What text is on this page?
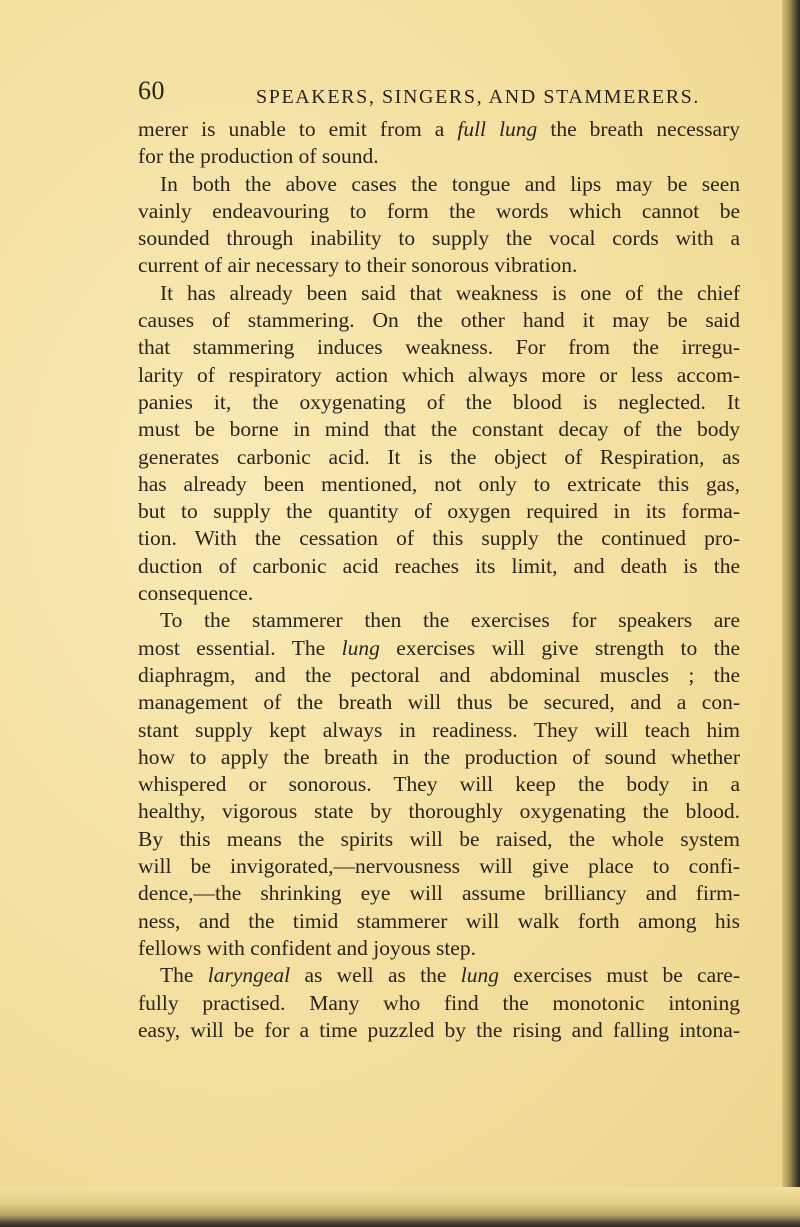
60	SPEAKERS, SINGERS, AND STAMMERERS.
merer is unable to emit from a full lung the breath necessary
for the production of sound.
In both the above cases the tongue and lips may be seen
vainly endeavouring to form the words which cannot be
sounded through inability to supply the vocal cords with a
current of air necessary to their sonorous vibration.
It has already been said that weakness is one of the chief
causes of stammering. On the other hand it may be said
that stammering induces weakness. For from the irregu-
larity of respiratory action which always more or less accom-
panies it, the oxygenating of the blood is neglected. It
must be borne in mind that the constant decay of the body
generates carbonic acid. It is the object of Respiration, as
has already been mentioned, not only to extricate this gas,
but to supply the quantity of oxygen required in its forma-
tion. With the cessation of this supply the continued pro-
duction of carbonic acid reaches its limit, and death is the
consequence.
To the stammerer then the exercises for speakers are
most essential. The lung exercises will give strength to the
diaphragm, and the pectoral and abdominal muscles ; the
management of the breath will thus be secured, and a con-
stant supply kept always in readiness. They will teach him
how to apply the breath in the production of sound whether
whispered or sonorous. They will keep the body in a
healthy, vigorous state by thoroughly oxygenating the blood.
By this means the spirits will be raised, the whole system
will be invigorated,—nervousness will give place to confi-
dence,—the shrinking eye will assume brilliancy and firm-
ness, and the timid stammerer will walk forth among his
fellows with confident and joyous step.
The laryngeal as well as the lung exercises must be care-
fully practised. Many who find the monotonic intoning
easy, will be for a time puzzled by the rising and falling intona-
